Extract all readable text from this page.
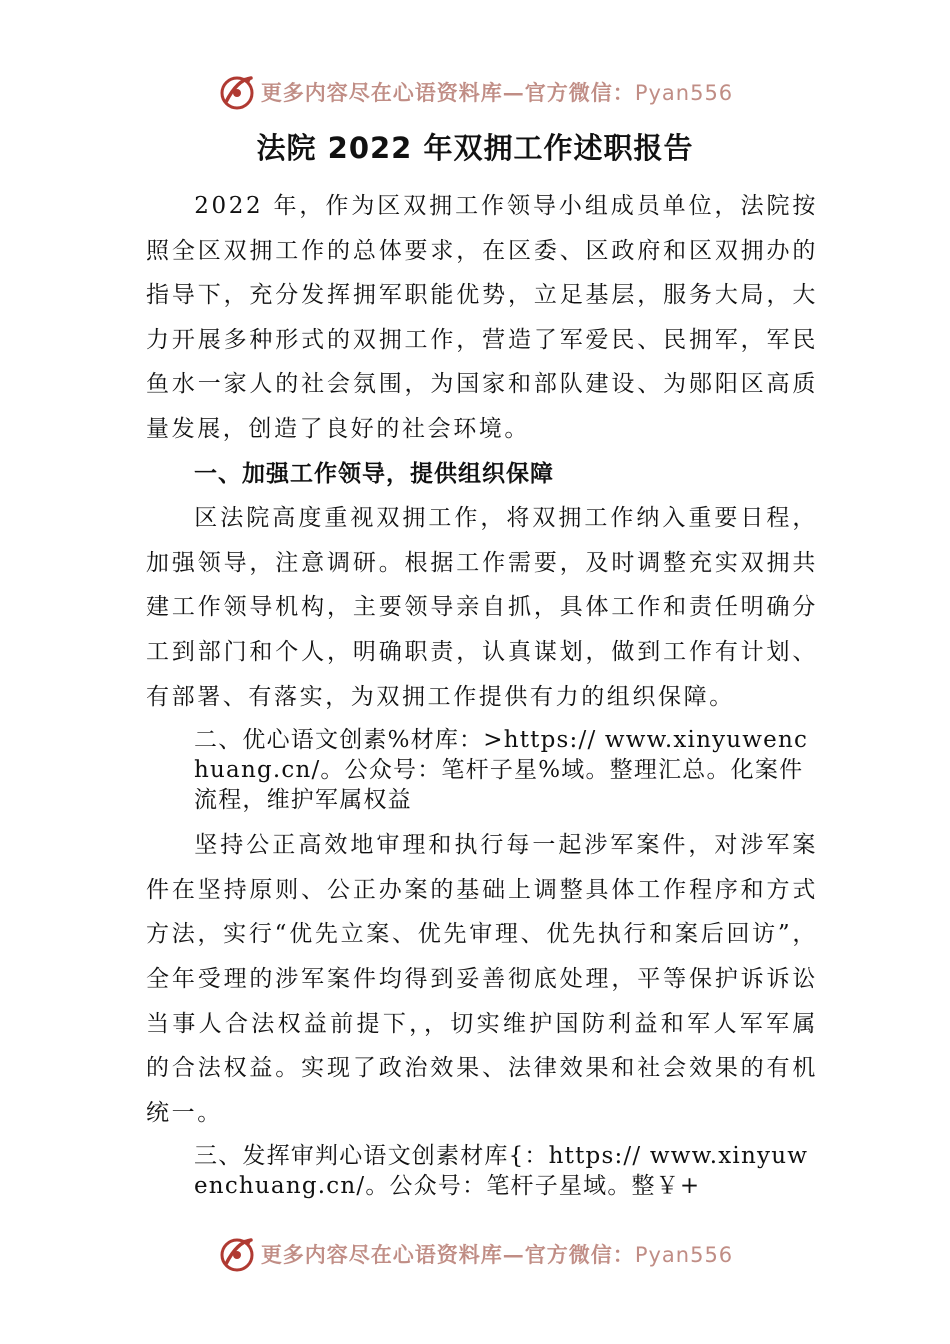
更多内容尽在心语资料库—官方微信：Pyan556
法院 2022 年双拥工作述职报告

2022 年，作为区双拥工作领导小组成员单位，法院按照全区双拥工作的总体要求，在区委、区政府和区双拥办的指导下，充分发挥拥军职能优势，立足基层，服务大局，大力开展多种形式的双拥工作，营造了军爱民、民拥军，军民鱼水一家人的社会氛围，为国家和部队建设、为郧阳区高质量发展，创造了良好的社会环境。

一、加强工作领导，提供组织保障

区法院高度重视双拥工作，将双拥工作纳入重要日程， 加强领导，注意调研。根据工作需要，及时调整充实双拥共建工作领导机构，主要领导亲自抓，具体工作和责任明确分工到部门和个人，明确职责，认真谋划，做到工作有计划、有部署、有落实，为双拥工作提供有力的组织保障。

二、优心语文创素%材库：>https:// www.xinyuwenchuang.cn/。公众号：笔杆子星%域。整理汇总。化案件流程，维护军属权益

坚持公正高效地审理和执行每一起涉军案件，对涉军案件在坚持原则、公正办案的基础上调整具体工作程序和方式方法，实行“优先立案、优先审理、优先执行和案后回访”，全年受理的涉军案件均得到妥善彻底处理，平等保护诉诉讼当事人合法权益前提下，，切实维护国防利益和军人军军属的合法权益。实现了政治效果、法律效果和社会效果的有机统一。

三、发挥审判心语文创素材库{：https:// www.xinyuwenchuang.cn/。公众号：笔杆子星域。整￥+

更多内容尽在心语资料库—官方微信：Pyan556
